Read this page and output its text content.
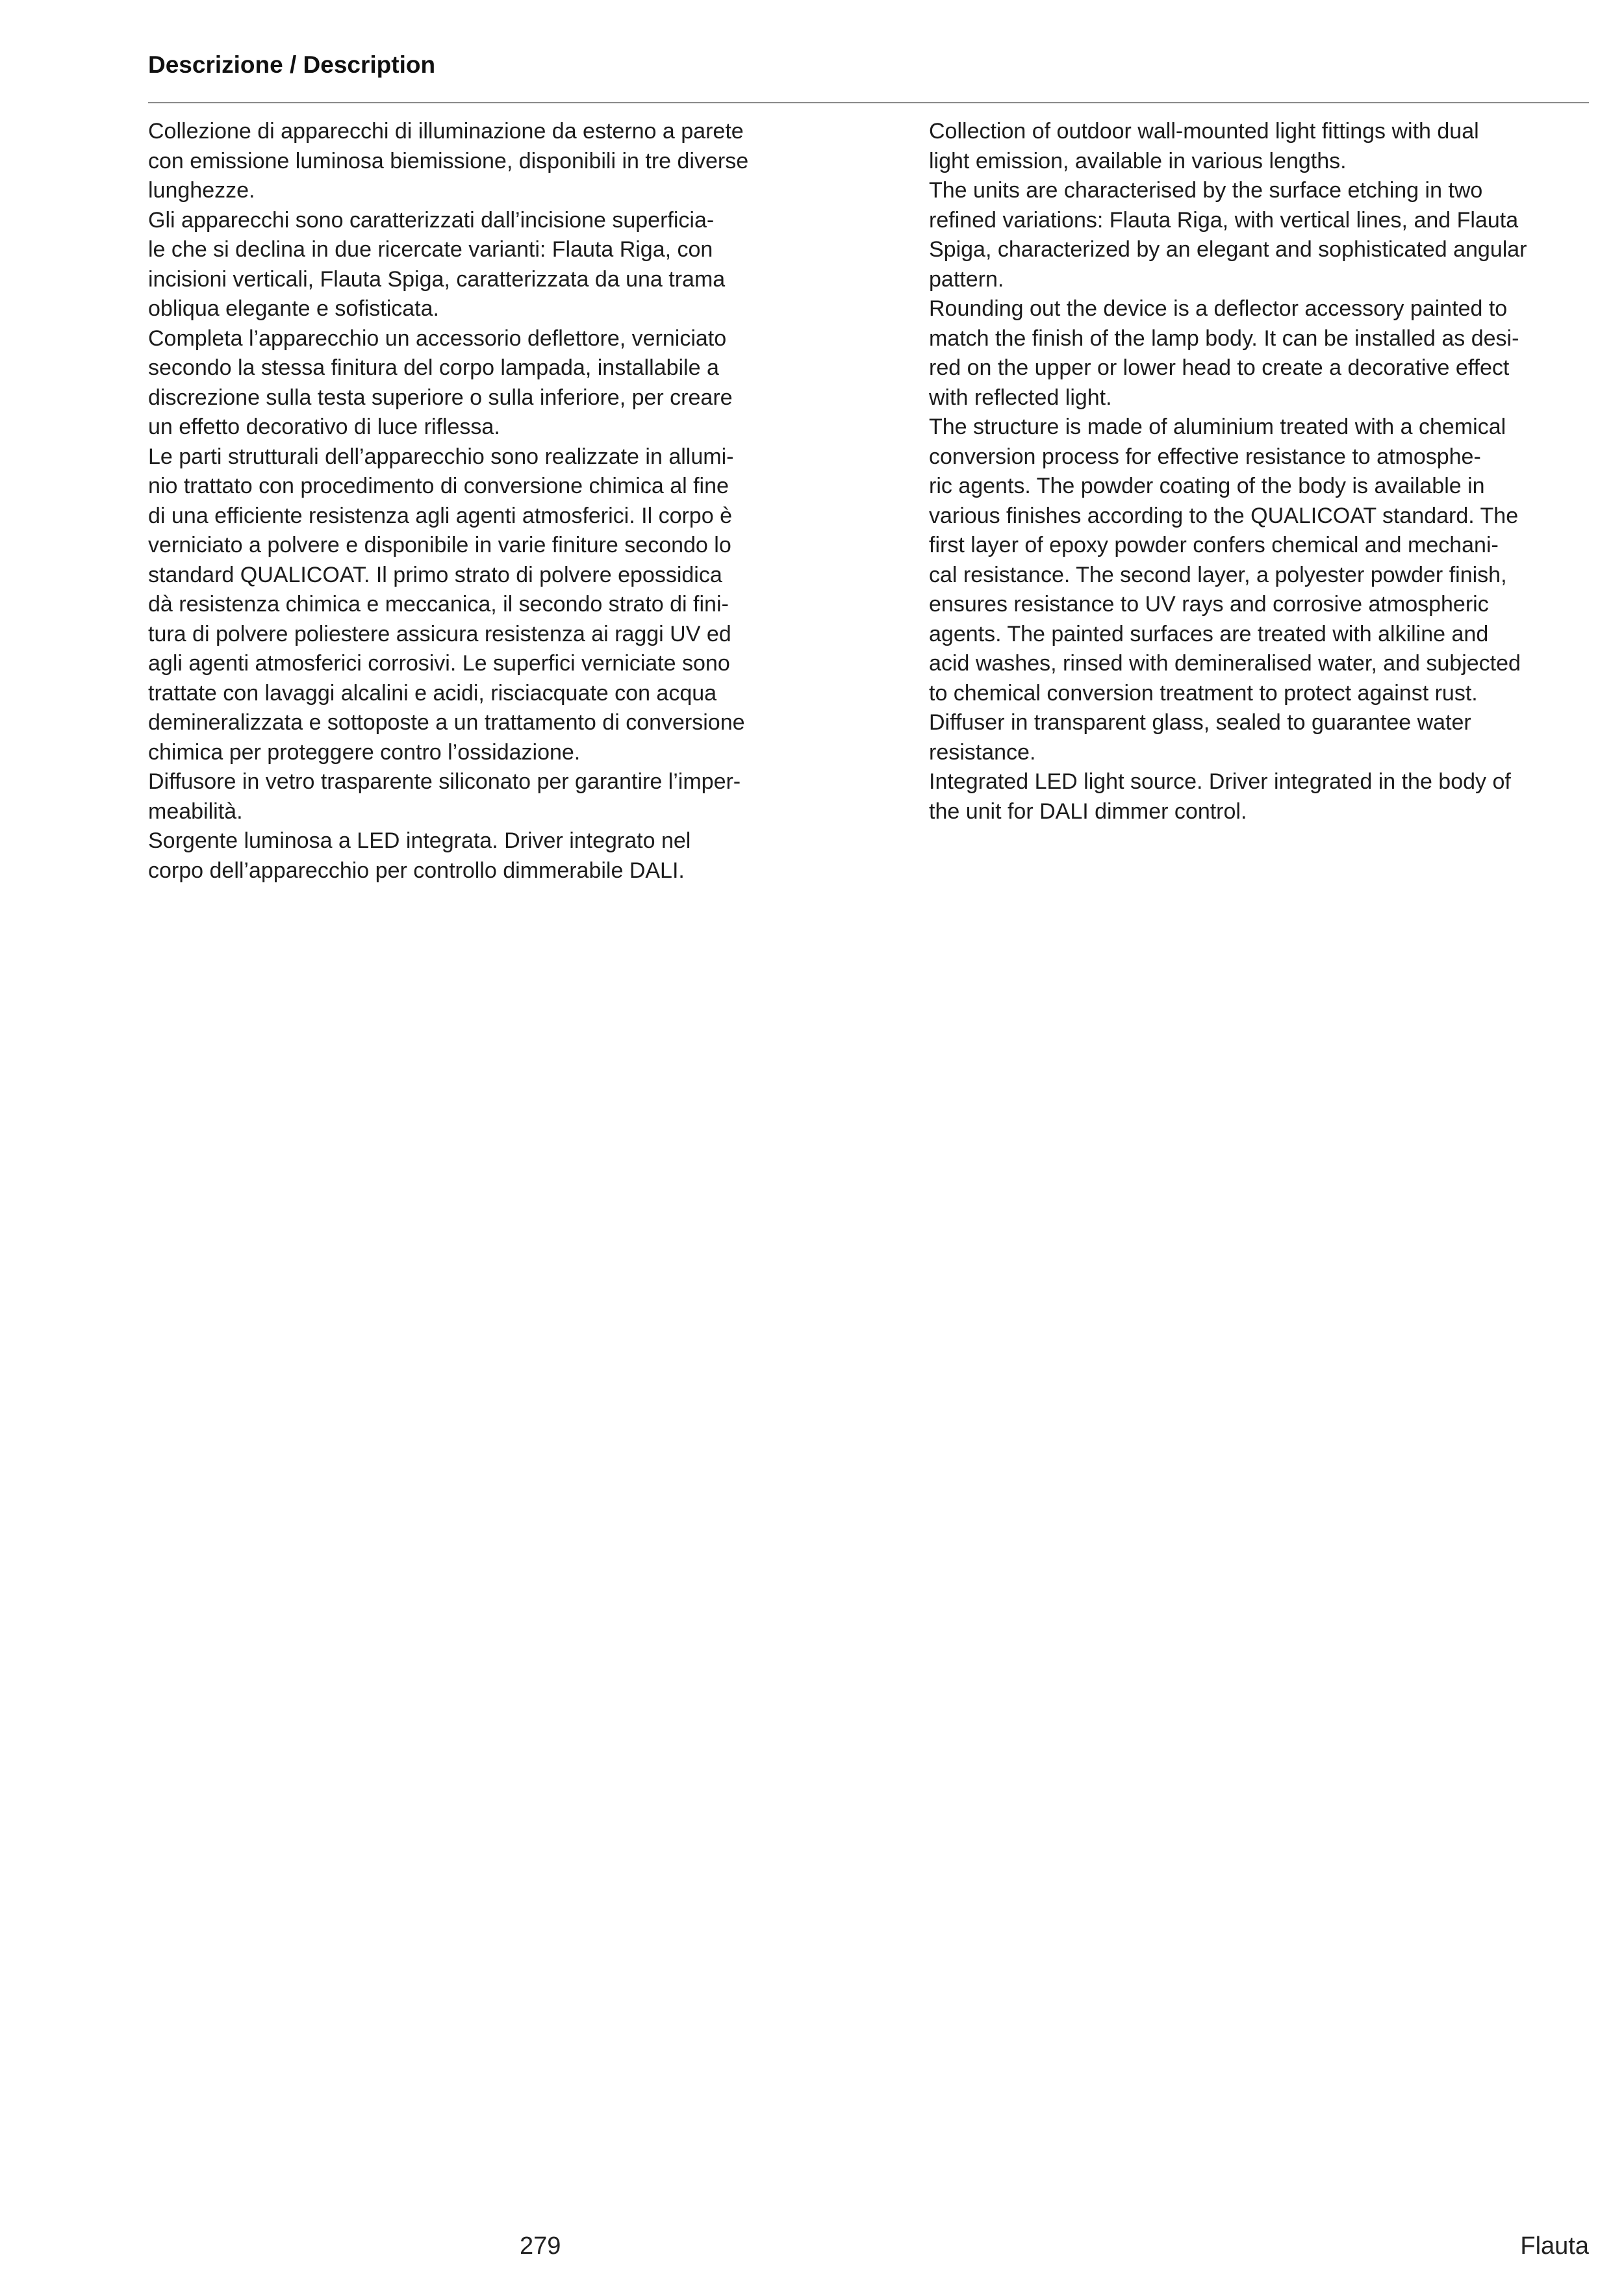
Descrizione / Description
Collezione di apparecchi di illuminazione da esterno a parete
con emissione luminosa biemissione, disponibili in tre diverse
lunghezze.
Gli apparecchi sono caratterizzati dall’incisione superficia-
le che si declina in due ricercate varianti: Flauta Riga, con
incisioni verticali, Flauta Spiga, caratterizzata da una trama
obliqua elegante e sofisticata.
Completa l’apparecchio un accessorio deflettore, verniciato
secondo la stessa finitura del corpo lampada, installabile a
discrezione sulla testa superiore o sulla inferiore, per creare
un effetto decorativo di luce riflessa.
Le parti strutturali dell’apparecchio sono realizzate in allumi-
nio trattato con procedimento di conversione chimica al fine
di una efficiente resistenza agli agenti atmosferici. Il corpo è
verniciato a polvere e disponibile in varie finiture secondo lo
standard QUALICOAT. Il primo strato di polvere epossidica
dà resistenza chimica e meccanica, il secondo strato di fini-
tura di polvere poliestere assicura resistenza ai raggi UV ed
agli agenti atmosferici corrosivi. Le superfici verniciate sono
trattate con lavaggi alcalini e acidi, risciacquate con acqua
demineralizzata e sottoposte a un trattamento di conversione
chimica per proteggere contro l’ossidazione.
Diffusore in vetro trasparente siliconato per garantire l’imper-
meabilità.
Sorgente luminosa a LED integrata. Driver integrato nel
corpo dell’apparecchio per controllo dimmerabile DALI.
Collection of outdoor wall-mounted light fittings with dual
light emission, available in various lengths.
The units are characterised by the surface etching in two
refined variations: Flauta Riga, with vertical lines, and Flauta
Spiga, characterized by an elegant and sophisticated angular
pattern.
Rounding out the device is a deflector accessory painted to
match the finish of the lamp body. It can be installed as desi-
red on the upper or lower head to create a decorative effect
with reflected light.
The structure is made of aluminium treated with a chemical
conversion process for effective resistance to atmosphe-
ric agents. The powder coating of the body is available in
various finishes according to the QUALICOAT standard. The
first layer of epoxy powder confers chemical and mechani-
cal resistance. The second layer, a polyester powder finish,
ensures resistance to UV rays and corrosive atmospheric
agents. The painted surfaces are treated with alkiline and
acid washes, rinsed with demineralised water, and subjected
to chemical conversion treatment to protect against rust.
Diffuser in transparent glass, sealed to guarantee water
resistance.
Integrated LED light source. Driver integrated in the body of
the unit for DALI dimmer control.
279	Flauta
